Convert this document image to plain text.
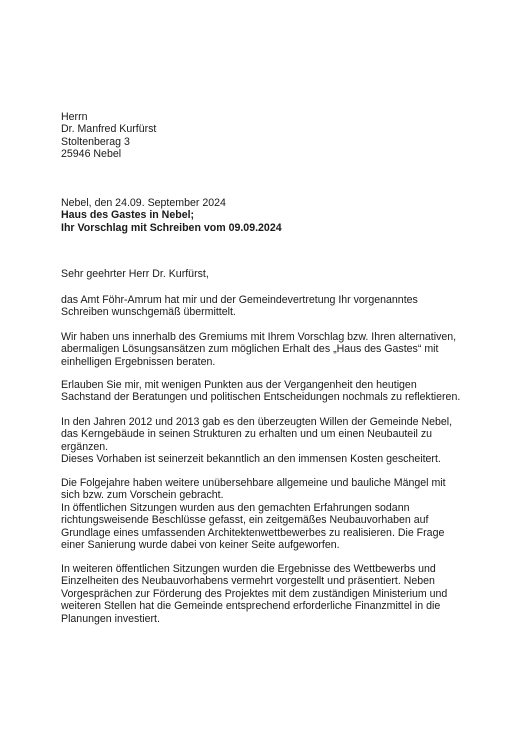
Herrn
Dr. Manfred Kurfürst
Stoltenberag 3
25946 Nebel
Nebel, den 24.09. September 2024
Haus des Gastes in Nebel;
Ihr Vorschlag mit Schreiben vom 09.09.2024
Sehr geehrter Herr Dr. Kurfürst,
das Amt Föhr-Amrum hat mir und der Gemeindevertretung Ihr vorgenanntes
Schreiben wunschgemäß übermittelt.
Wir haben uns innerhalb des Gremiums mit Ihrem Vorschlag bzw. Ihren alternativen,
abermaligen Lösungsansätzen zum möglichen Erhalt des „Haus des Gastes“ mit
einhelligen Ergebnissen beraten.
Erlauben Sie mir, mit wenigen Punkten aus der Vergangenheit den heutigen
Sachstand der Beratungen und politischen Entscheidungen nochmals zu reflektieren.
In den Jahren 2012 und 2013 gab es den überzeugten Willen der Gemeinde Nebel,
das Kerngebäude in seinen Strukturen zu erhalten und um einen Neubauteil zu
ergänzen.
Dieses Vorhaben ist seinerzeit bekanntlich an den immensen Kosten gescheitert.
Die Folgejahre haben weitere unübersehbare allgemeine und bauliche Mängel mit
sich bzw. zum Vorschein gebracht.
In öffentlichen Sitzungen wurden aus den gemachten Erfahrungen sodann
richtungsweisende Beschlüsse gefasst, ein zeitgemäßes Neubauvorhaben auf
Grundlage eines umfassenden Architektenwettbewerbes zu realisieren. Die Frage
einer Sanierung wurde dabei von keiner Seite aufgeworfen.
In weiteren öffentlichen Sitzungen wurden die Ergebnisse des Wettbewerbs und
Einzelheiten des Neubauvorhabens vermehrt vorgestellt und präsentiert. Neben
Vorgesprächen zur Förderung des Projektes mit dem zuständigen Ministerium und
weiteren Stellen hat die Gemeinde entsprechend erforderliche Finanzmittel in die
Planungen investiert.
